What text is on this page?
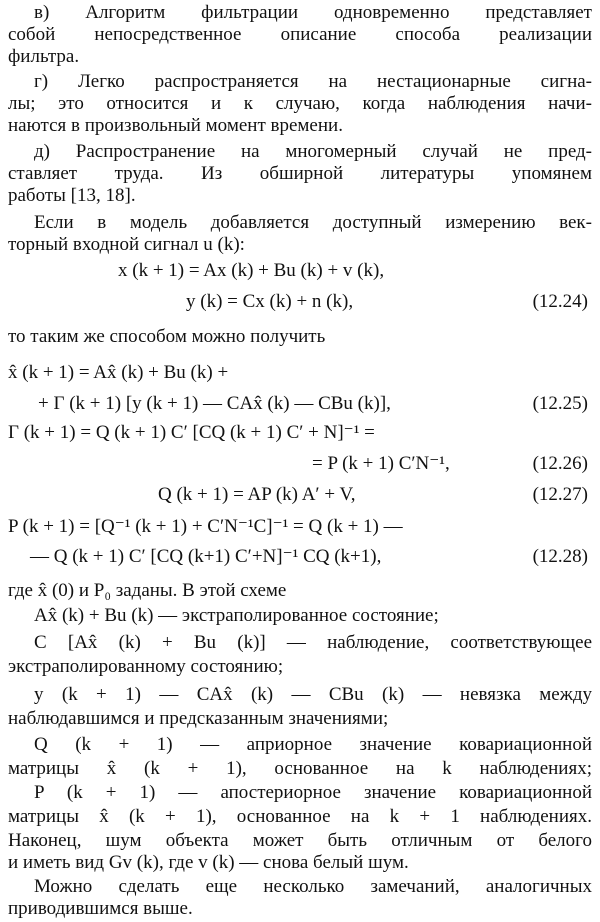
в) Алгоритм фильтрации одновременно представляет
собой непосредственное описание способа реализации
фильтра.
г) Легко распространяется на нестационарные сигна-
лы; это относится и к случаю, когда наблюдения начи-
наются в произвольный момент времени.
д) Распространение на многомерный случай не пред-
ставляет труда. Из обширной литературы упомянем
работы [13, 18].
Если в модель добавляется доступный измерению век-
торный входной сигнал u (k):
x (k + 1) = Ax (k) + Bu (k) + v (k),
y (k) = Cx (k) + n (k),	(12.24)
то таким же способом можно получить
x̂ (k + 1) = Ax̂ (k) + Bu (k) +
+ Γ (k + 1) [y (k + 1) — CAx̂ (k) — CBu (k)],	(12.25)
Γ (k + 1) = Q (k + 1) C′ [CQ (k + 1) C′ + N]⁻¹ =
= P (k + 1) C′N⁻¹,	(12.26)
Q (k + 1) = AP (k) A′ + V,	(12.27)
P (k + 1) = [Q⁻¹ (k + 1) + C′N⁻¹C]⁻¹ = Q (k + 1) —
— Q (k + 1) C′ [CQ (k+1) C′+N]⁻¹ CQ (k+1),	(12.28)
где x̂ (0) и P₀ заданы. В этой схеме
Ax̂ (k) + Bu (k) — экстраполированное состояние;
C [Ax̂ (k) + Bu (k)] — наблюдение, соответствующее
экстраполированному состоянию;
y (k + 1) — CAx̂ (k) — CBu (k) — невязка между
наблюдавшимся и предсказанным значениями;
Q (k + 1) — априорное значение ковариационной
матрицы x̂ (k + 1), основанное на k наблюдениях;
P (k + 1) — апостериорное значение ковариационной
матрицы x̂ (k + 1), основанное на k + 1 наблюдениях.
Наконец, шум объекта может быть отличным от белого
и иметь вид Gv (k), где v (k) — снова белый шум.
Можно сделать еще несколько замечаний, аналогичных
приводившимся выше.
